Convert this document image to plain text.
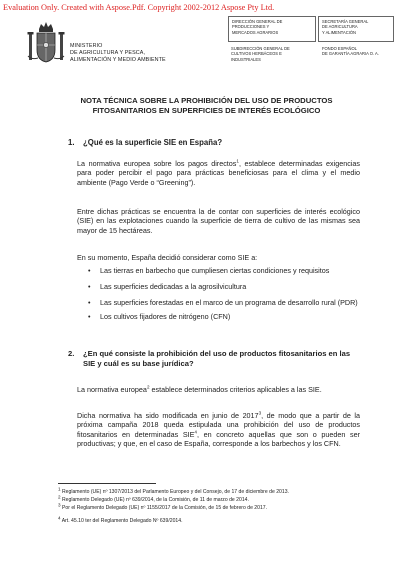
Evaluation Only. Created with Aspose.Pdf. Copyright 2002-2012 Aspose Pty Ltd.
MINISTERIO
DE AGRICULTURA Y PESCA,
ALIMENTACIÓN Y MEDIO AMBIENTE
DIRECCIÓN GENERAL DE
PRODUCCIONES Y
MERCADOS AGRARIOS
SECRETARÍA GENERAL
DE AGRICULTURA
Y ALIMENTACIÓN
SUBDIRECCIÓN GENERAL DE
CULTIVOS HERBÁCEOS E
INDUSTRIALES
FONDO ESPAÑOL
DE GARANTÍA AGRARIA O. A.
NOTA TÉCNICA SOBRE LA PROHIBICIÓN DEL USO DE PRODUCTOS
FITOSANITARIOS EN SUPERFICIES DE INTERÉS ECOLÓGICO
1. ¿Qué es la superficie SIE en España?
La normativa europea sobre los pagos directos$^1$, establece determinadas exigencias para poder percibir el pago para prácticas beneficiosas para el clima y el medio ambiente (Pago Verde o “Greening”).
Entre dichas prácticas se encuentra la de contar con superficies de interés ecológico (SIE) en las explotaciones cuando la superficie de tierra de cultivo de las mismas sea mayor de 15 hectáreas.
En su momento, España decidió considerar como SIE a:
• Las tierras en barbecho que cumpliesen ciertas condiciones y requisitos
• Las superficies dedicadas a la agrosilvicultura
• Las superficies forestadas en el marco de un programa de desarrollo rural (PDR)
• Los cultivos fijadores de nitrógeno (CFN)
2.	¿En qué consiste la prohibición del uso de productos fitosanitarios en las SIE y cuál es su base jurídica?
La normativa europea$^2$ establece determinados criterios aplicables a las SIE.
Dicha normativa ha sido modificada en junio de 2017$^3$, de modo que a partir de la próxima campaña 2018 queda estipulada una prohibición del uso de productos fitosanitarios en determinadas SIE$^4$, en concreto aquellas que son o pueden ser productivas; y que, en el caso de España, corresponde a los barbechos y los CFN.
1 Reglamento (UE) nº 1307/2013 del Parlamento Europeo y del Consejo, de 17 de diciembre de 2013.
2 Reglamento Delegado (UE) nº 639/2014, de la Comisión, de 11 de marzo de 2014.
3 Por el Reglamento Delegado (UE) nº 1155/2017 de la Comisión, de 15 de febrero de 2017.
4 Art. 45.10 ter del Reglamento Delegado Nº 639/2014.
